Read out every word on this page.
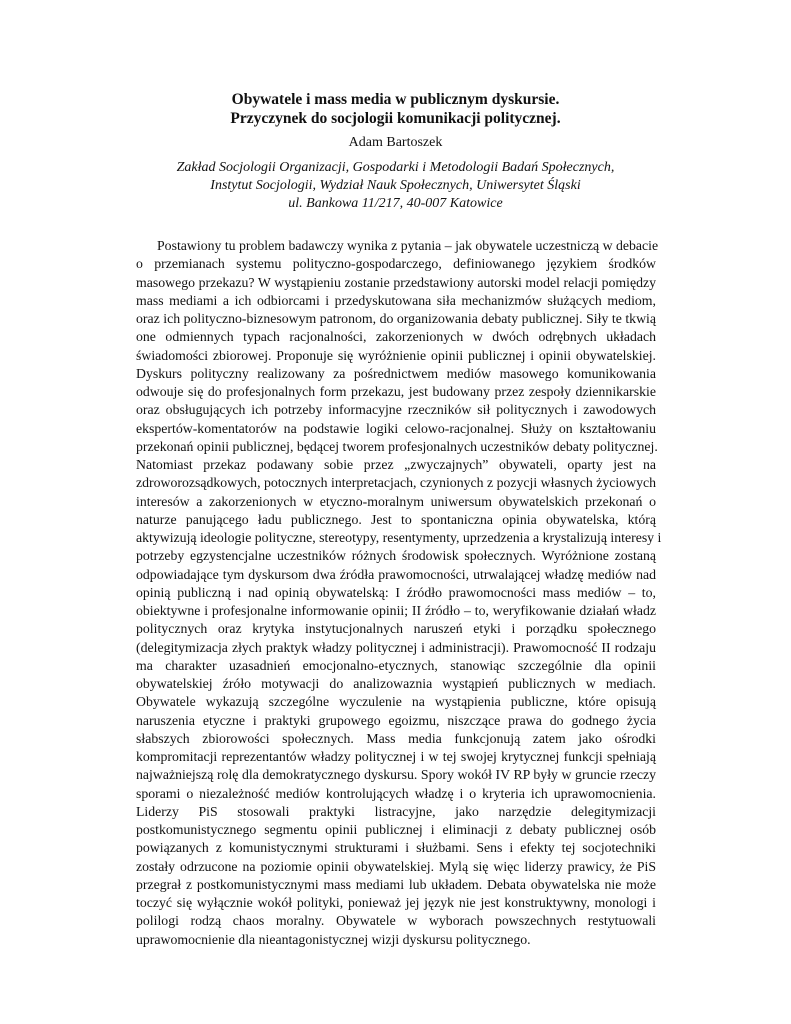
Obywatele i mass media w publicznym dyskursie.
Przyczynek do socjologii komunikacji politycznej.

Adam Bartoszek

Zakład Socjologii Organizacji, Gospodarki i Metodologii Badań Społecznych,

Instytut Socjologii, Wydział Nauk Społecznych, Uniwersytet Śląski

ul. Bankowa 11/217, 40-007 Katowice

Postawiony tu problem badawczy wynika z pytania – jak obywatele uczestniczą w debacie
o przemianach systemu polityczno-gospodarczego, definiowanego językiem środków
masowego przekazu? W wystąpieniu zostanie przedstawiony autorski model relacji pomiędzy
mass mediami a ich odbiorcami i przedyskutowana siła mechanizmów służących mediom,
oraz ich polityczno-biznesowym patronom, do organizowania debaty publicznej. Siły te tkwią
one odmiennych typach racjonalności, zakorzenionych w dwóch odrębnych układach
świadomości zbiorowej. Proponuje się wyróżnienie opinii publicznej i opinii obywatelskiej.
Dyskurs polityczny realizowany za pośrednictwem mediów masowego komunikowania
odwouje się do profesjonalnych form przekazu, jest budowany przez zespoły dziennikarskie
oraz obsługujących ich potrzeby informacyjne rzeczników sił politycznych i zawodowych
ekspertów-komentatorów na podstawie logiki celowo-racjonalnej. Służy on kształtowaniu
przekonań opinii publicznej, będącej tworem profesjonalnych uczestników debaty politycznej.
Natomiast przekaz podawany sobie przez „zwyczajnych” obywateli, oparty jest na
zdroworozsądkowych, potocznych interpretacjach, czynionych z pozycji własnych życiowych
interesów a zakorzenionych w etyczno-moralnym uniwersum obywatelskich przekonań o
naturze panującego ładu publicznego. Jest to spontaniczna opinia obywatelska, którą
aktywizują ideologie polityczne, stereotypy, resentymenty, uprzedzenia a krystalizują interesy i
potrzeby egzystencjalne uczestników różnych środowisk społecznych. Wyróżnione zostaną
odpowiadające tym dyskursom dwa źródła prawomocności, utrwalającej władzę mediów nad
opinią publiczną i nad opinią obywatelską: I źródło prawomocności mass mediów – to,
obiektywne i profesjonalne informowanie opinii; II źródło – to, weryfikowanie działań władz
politycznych oraz krytyka instytucjonalnych naruszeń etyki i porządku społecznego
(delegitymizacja złych praktyk władzy politycznej i administracji). Prawomocność II rodzaju
ma charakter uzasadnień emocjonalno-etycznych, stanowiąc szczególnie dla opinii
obywatelskiej źróło motywacji do analizowaznia wystąpień publicznych w mediach.
Obywatele wykazują szczególne wyczulenie na wystąpienia publiczne, które opisują
naruszenia etyczne i praktyki grupowego egoizmu, niszczące prawa do godnego życia
słabszych zbiorowości społecznych. Mass media funkcjonują zatem jako ośrodki
kompromitacji reprezentantów władzy politycznej i w tej swojej krytycznej funkcji spełniają
najważniejszą rolę dla demokratycznego dyskursu. Spory wokół IV RP były w gruncie rzeczy
sporami o niezależność mediów kontrolujących władzę i o kryteria ich uprawomocnienia.
Liderzy PiS stosowali praktyki listracyjne, jako narzędzie delegitymizacji
postkomunistycznego segmentu opinii publicznej i eliminacji z debaty publicznej osób
powiązanych z komunistycznymi strukturami i służbami. Sens i efekty tej socjotechniki
zostały odrzucone na poziomie opinii obywatelskiej. Mylą się więc liderzy prawicy, że PiS
przegrał z postkomunistycznymi mass mediami lub układem. Debata obywatelska nie może
toczyć się wyłącznie wokół polityki, ponieważ jej język nie jest konstruktywny, monologi i
polilogi rodzą chaos moralny. Obywatele w wyborach powszechnych restytuowali
uprawomocnienie dla nieantagonistycznej wizji dyskursu politycznego.
